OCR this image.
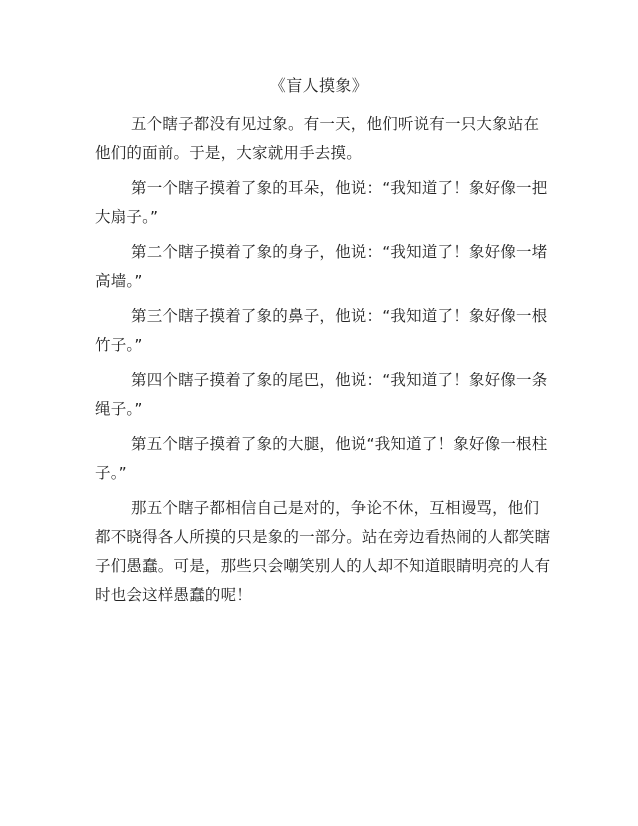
《盲人摸象》

五个瞎子都没有见过象。有一天，他们听说有一只大象站在他们的面前。于是，大家就用手去摸。

第一个瞎子摸着了象的耳朵，他说：“我知道了！象好像一把大扇子。”

第二个瞎子摸着了象的身子，他说：“我知道了！象好像一堵高墙。”

第三个瞎子摸着了象的鼻子，他说：“我知道了！象好像一根竹子。”

第四个瞎子摸着了象的尾巴，他说：“我知道了！象好像一条绳子。”

第五个瞎子摸着了象的大腿，他说“我知道了！象好像一根柱子。”

那五个瞎子都相信自己是对的，争论不休，互相谩骂，他们都不晓得各人所摸的只是象的一部分。站在旁边看热闹的人都笑瞎子们愚蠢。可是，那些只会嘲笑别人的人却不知道眼睛明亮的人有时也会这样愚蠢的呢！
